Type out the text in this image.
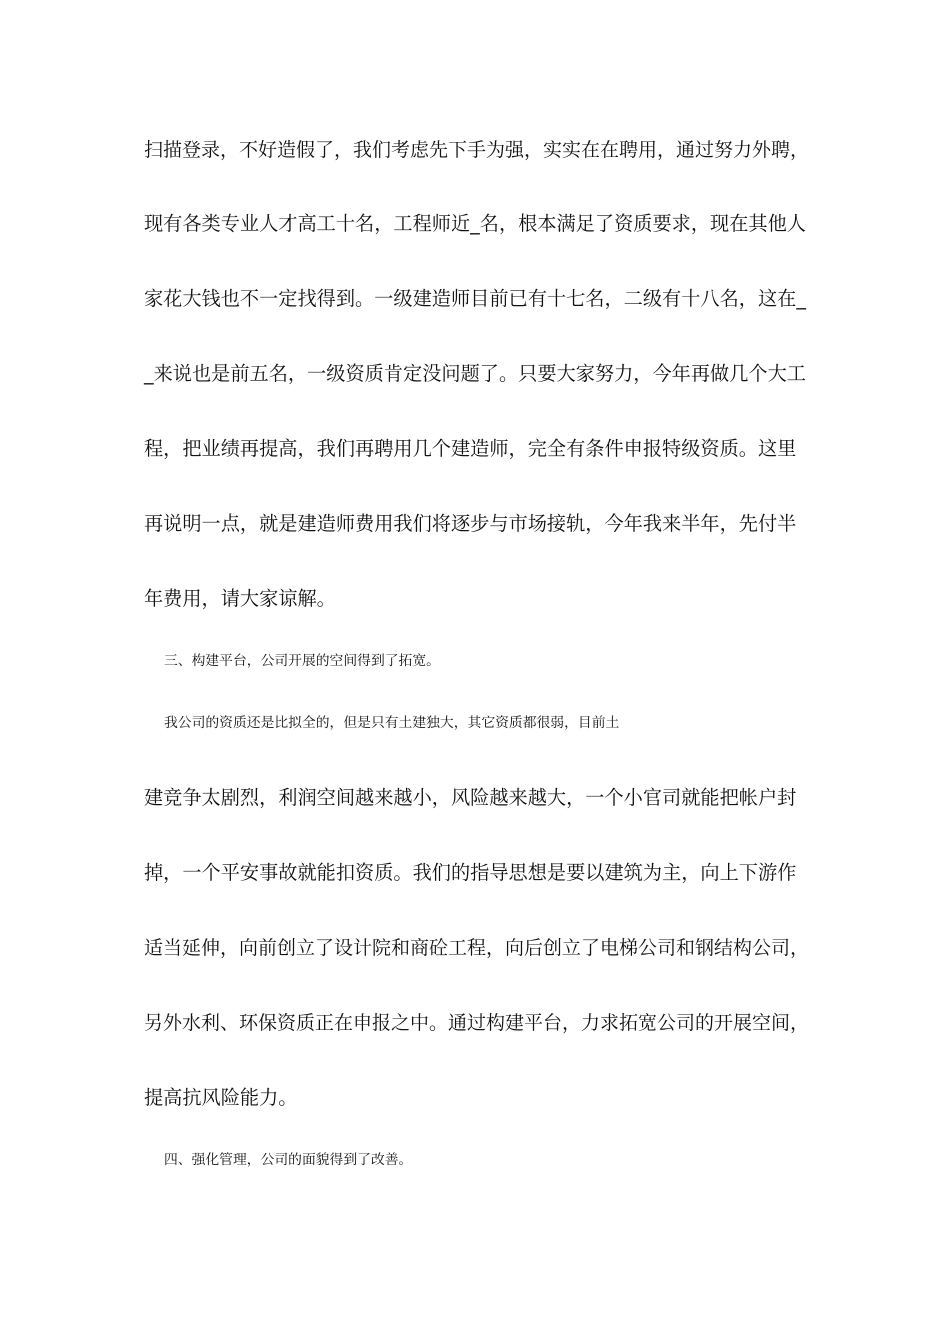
扫描登录，不好造假了，我们考虑先下手为强，实实在在聘用，通过努力外聘，
现有各类专业人才高工十名，工程师近_名，根本满足了资质要求，现在其他人
家花大钱也不一定找得到。一级建造师目前已有十七名，二级有十八名，这在_
_来说也是前五名，一级资质肯定没问题了。只要大家努力，今年再做几个大工
程，把业绩再提高，我们再聘用几个建造师，完全有条件申报特级资质。这里
再说明一点，就是建造师费用我们将逐步与市场接轨，今年我来半年，先付半
年费用，请大家谅解。
三、构建平台，公司开展的空间得到了拓宽。
我公司的资质还是比拟全的，但是只有土建独大，其它资质都很弱，目前土
建竞争太剧烈，利润空间越来越小，风险越来越大，一个小官司就能把帐户封
掉，一个平安事故就能扣资质。我们的指导思想是要以建筑为主，向上下游作
适当延伸，向前创立了设计院和商砼工程，向后创立了电梯公司和钢结构公司，
另外水利、环保资质正在申报之中。通过构建平台，力求拓宽公司的开展空间，
提高抗风险能力。
四、强化管理，公司的面貌得到了改善。
